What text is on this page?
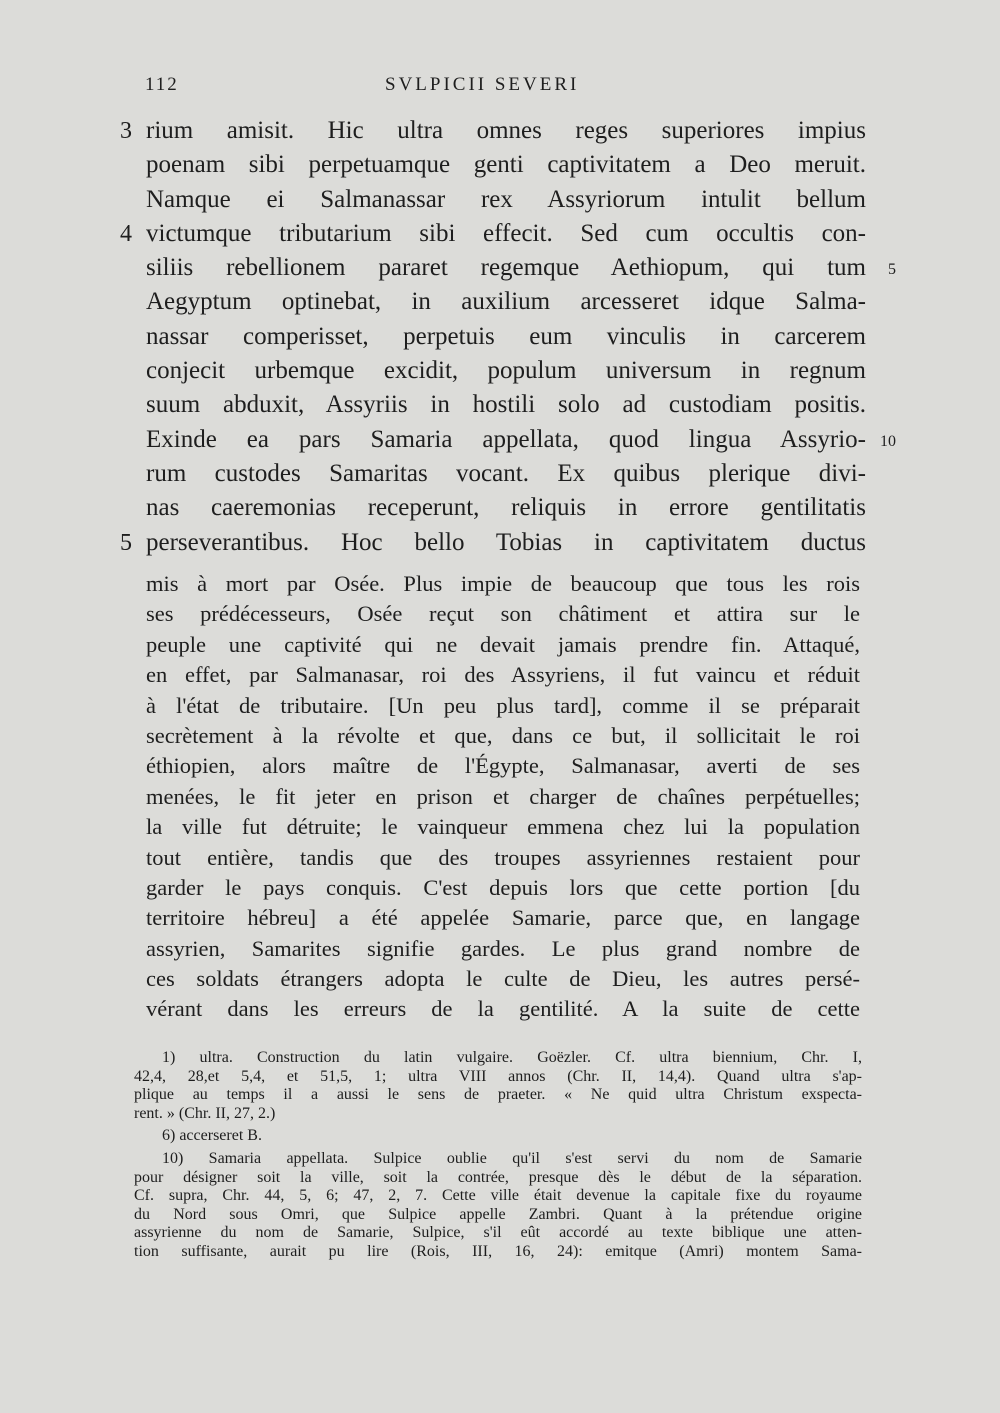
112	SVLPICII SEVERI
3 rium amisit. Hic ultra omnes reges superiores impius
poenam sibi perpetuamque genti captivitatem a Deo meruit.
Namque ei Salmanassar rex Assyriorum intulit bellum
4 victumque tributarium sibi effecit. Sed cum occultis con-
siliis rebellionem pararet regemque Aethiopum, qui tum 5
Aegyptum optinebat, in auxilium arcesseret idque Salma-
nassar comperisset, perpetuis eum vinculis in carcerem
conjecit urbemque excidit, populum universum in regnum
suum abduxit, Assyriis in hostili solo ad custodiam positis.
Exinde ea pars Samaria appellata, quod lingua Assyrio- 10
rum custodes Samaritas vocant. Ex quibus plerique divi-
nas caeremonias receperunt, reliquis in errore gentilitatis
5 perseverantibus. Hoc bello Tobias in captivitatem ductus
mis à mort par Osée. Plus impie de beaucoup que tous les rois
ses prédécesseurs, Osée reçut son châtiment et attira sur le
peuple une captivité qui ne devait jamais prendre fin. Attaqué,
en effet, par Salmanasar, roi des Assyriens, il fut vaincu et réduit
à l'état de tributaire. [Un peu plus tard], comme il se préparait
secrètement à la révolte et que, dans ce but, il sollicitait le roi
éthiopien, alors maître de l'Égypte, Salmanasar, averti de ses
menées, le fit jeter en prison et charger de chaînes perpétuelles;
la ville fut détruite; le vainqueur emmena chez lui la population
tout entière, tandis que des troupes assyriennes restaient pour
garder le pays conquis. C'est depuis lors que cette portion [du
territoire hébreu] a été appelée Samarie, parce que, en langage
assyrien, Samarites signifie gardes. Le plus grand nombre de
ces soldats étrangers adopta le culte de Dieu, les autres persé-
vérant dans les erreurs de la gentilité. A la suite de cette
1) ultra. Construction du latin vulgaire. Goëzler. Cf. ultra biennium, Chr. I,
42,4, 28,et 5,4, et 51,5, 1; ultra VIII annos (Chr. II, 14,4). Quand ultra s'ap-
plique au temps il a aussi le sens de praeter. « Ne quid ultra Christum exspecta-
rent. » (Chr. II, 27, 2.)
6) accerseret B.
10) Samaria appellata. Sulpice oublie qu'il s'est servi du nom de Samarie
pour désigner soit la ville, soit la contrée, presque dès le début de la séparation.
Cf. supra, Chr. 44, 5, 6; 47, 2, 7. Cette ville était devenue la capitale fixe du royaume
du Nord sous Omri, que Sulpice appelle Zambri. Quant à la prétendue origine
assyrienne du nom de Samarie, Sulpice, s'il eût accordé au texte biblique une atten-
tion suffisante, aurait pu lire (Rois, III, 16, 24): emitque (Amri) montem Sama-
